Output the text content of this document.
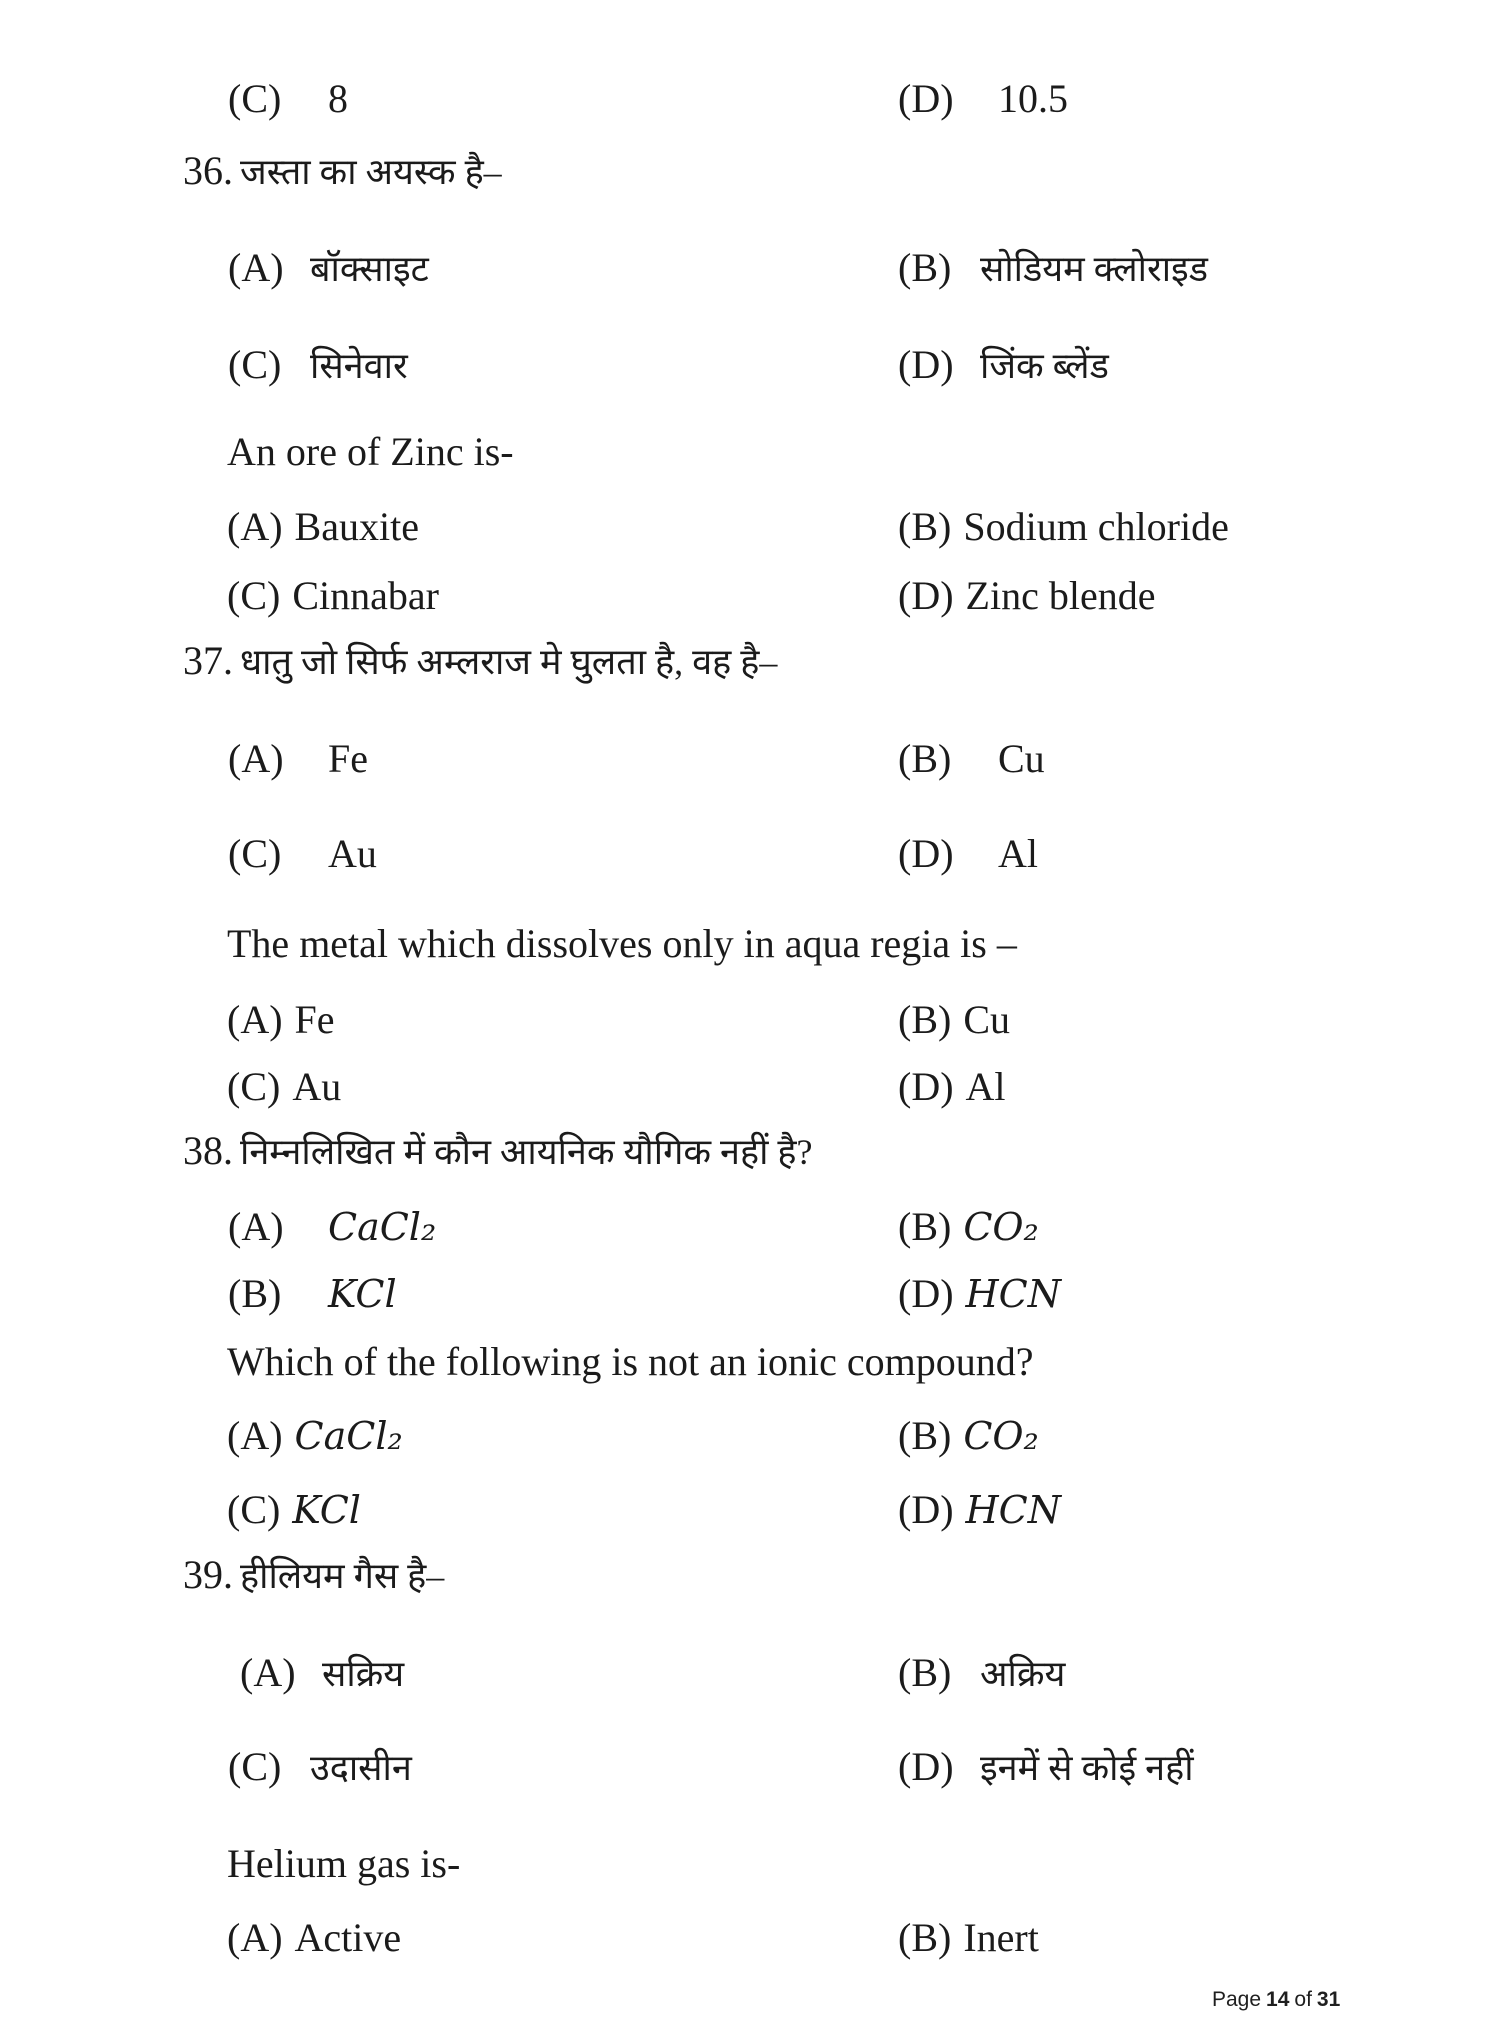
(C) 8	(D) 10.5
36. जस्ता का अयस्क है–
(A) बॉक्साइट	(B) सोडियम क्लोराइड
(C) सिनेवार	(D) जिंक ब्लेंड
An ore of Zinc is-
(A) Bauxite	(B) Sodium chloride
(C) Cinnabar	(D) Zinc blende
37. धातु जो सिर्फ अम्लराज मे घुलता है, वह है–
(A) Fe	(B) Cu
(C) Au	(D) Al
The metal which dissolves only in aqua regia is –
(A) Fe	(B) Cu
(C) Au	(D) Al
38. निम्नलिखित में कौन आयनिक यौगिक नहीं है?
(A) CaCl₂	(B) CO₂
(B) KCl	(D) HCN
Which of the following is not an ionic compound?
(A) CaCl₂	(B) CO₂
(C) KCl	(D) HCN
39. हीलियम गैस है–
(A) सक्रिय	(B) अक्रिय
(C) उदासीन	(D) इनमें से कोई नहीं
Helium gas is-
(A) Active	(B) Inert
Page 14 of 31
